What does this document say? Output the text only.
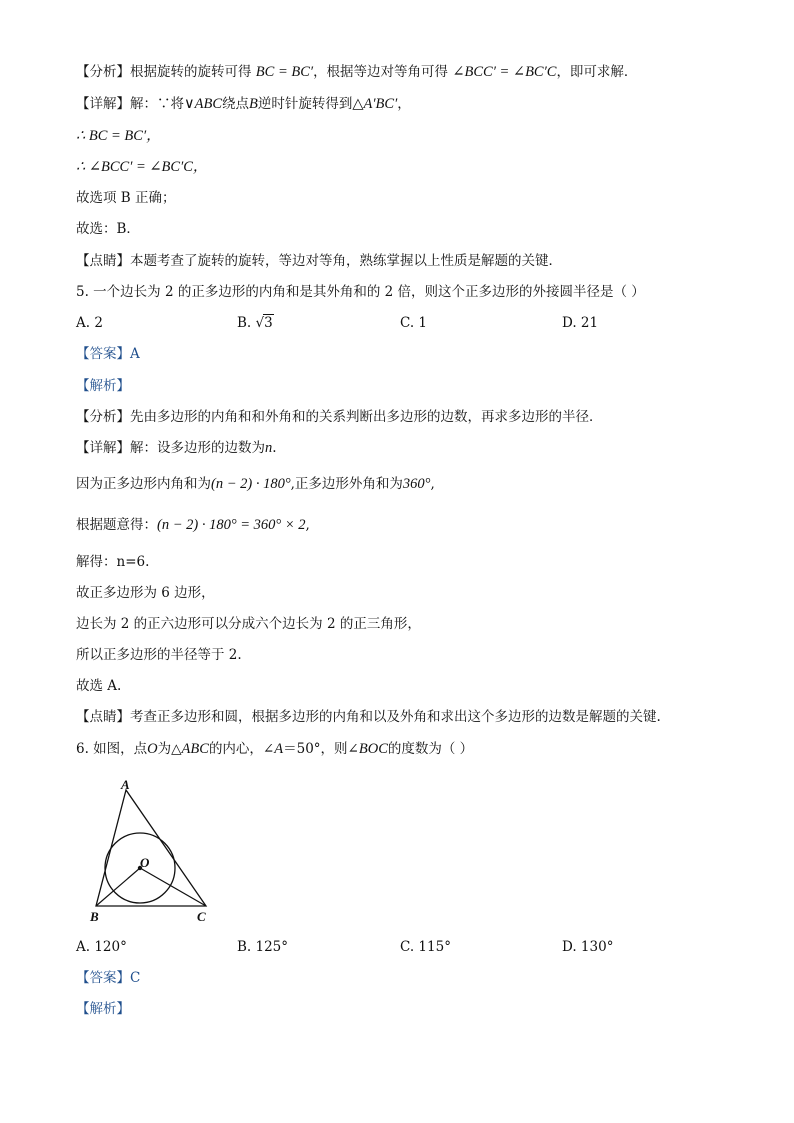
【分析】根据旋转的旋转可得 BC = BC′，根据等边对等角可得 ∠BCC′ = ∠BC′C，即可求解．
【详解】解：∵将∨ABC绕点B逆时针旋转得到△A′BC′，
∴ BC = BC′，
∴ ∠BCC′ = ∠BC′C，
故选项 B 正确；
故选：B．
【点睛】本题考查了旋转的旋转，等边对等角，熟练掌握以上性质是解题的关键．
5. 一个边长为 2 的正多边形的内角和是其外角和的 2 倍，则这个正多边形的外接圆半径是（ ）
A. 2	B. √3	C. 1	D. 21
【答案】A
【解析】
【分析】先由多边形的内角和和外角和的关系判断出多边形的边数，再求多边形的半径．
【详解】解：设多边形的边数为n.
因为正多边形内角和为(n − 2) · 180°,正多边形外角和为360°,
根据题意得：(n − 2) · 180° = 360° × 2,
解得：n=6.
故正多边形为 6 边形，
边长为 2 的正六边形可以分成六个边长为 2 的正三角形，
所以正多边形的半径等于 2.
故选 A.
【点睛】考查正多边形和圆，根据多边形的内角和以及外角和求出这个多边形的边数是解题的关键.
6. 如图，点O为△ABC的内心，∠A＝50°，则∠BOC的度数为（ ）
A
B	C
O
A. 120°	B. 125°	C. 115°	D. 130°
【答案】C
【解析】
